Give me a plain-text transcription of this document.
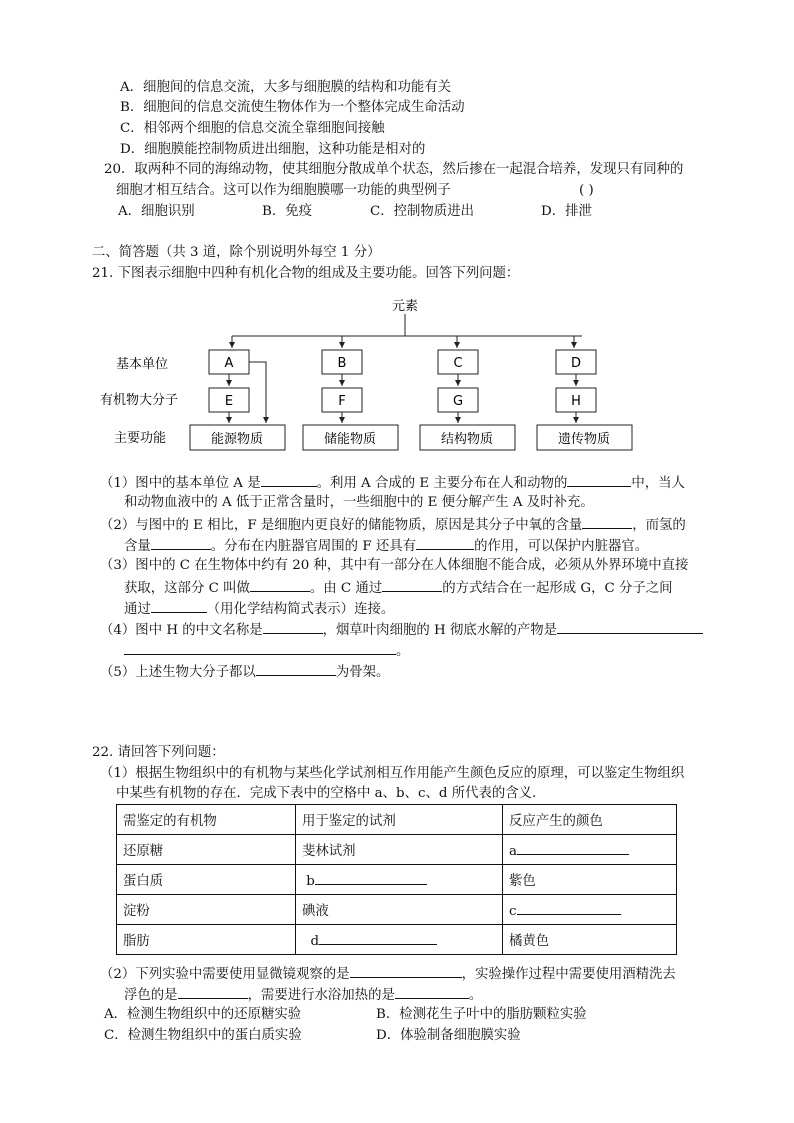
A．细胞间的信息交流，大多与细胞膜的结构和功能有关
B．细胞间的信息交流使生物体作为一个整体完成生命活动
C．相邻两个细胞的信息交流全靠细胞间接触
D．细胞膜能控制物质进出细胞，这种功能是相对的
20．取两种不同的海绵动物，使其细胞分散成单个状态，然后掺在一起混合培养，发现只有同种的
细胞才相互结合。这可以作为细胞膜哪一功能的典型例子	( )
A．细胞识别	B．免疫	C．控制物质进出	D．排泄
二、简答题（共 3 道，除个别说明外每空 1 分）
21. 下图表示细胞中四种有机化合物的组成及主要功能。回答下列问题：
元素
基本单位
有机物大分子
主要功能
A	B	C	D
E	F	G	H
能源物质	储能物质	结构物质	遗传物质
（1）图中的基本单位 A 是	。利用 A 合成的 E 主要分布在人和动物的	中，当人
和动物血液中的 A 低于正常含量时，一些细胞中的 E 便分解产生 A 及时补充。
（2）与图中的 E 相比，F 是细胞内更良好的储能物质，原因是其分子中氧的含量	，而氢的
含量	。分布在内脏器官周围的 F 还具有	的作用，可以保护内脏器官。
（3）图中的 C 在生物体中约有 20 种，其中有一部分在人体细胞不能合成，必须从外界环境中直接
获取，这部分 C 叫做	。由 C 通过	的方式结合在一起形成 G，C 分子之间
通过	（用化学结构简式表示）连接。
（4）图中 H 的中文名称是	，烟草叶肉细胞的 H 彻底水解的产物是
。
（5）上述生物大分子都以	为骨架。
22. 请回答下列问题：
（1）根据生物组织中的有机物与某些化学试剂相互作用能产生颜色反应的原理，可以鉴定生物组织
中某些有机物的存在．完成下表中的空格中 a、b、c、d 所代表的含义．
需鉴定的有机物	用于鉴定的试剂	反应产生的颜色
还原糖	斐林试剂	a
蛋白质	b	紫色
淀粉	碘液	c
脂肪	d	橘黄色
（2）下列实验中需要使用显微镜观察的是	，实验操作过程中需要使用酒精洗去
浮色的是	，需要进行水浴加热的是	。
A．检测生物组织中的还原糖实验	B．检测花生子叶中的脂肪颗粒实验
C．检测生物组织中的蛋白质实验	D．体验制备细胞膜实验
